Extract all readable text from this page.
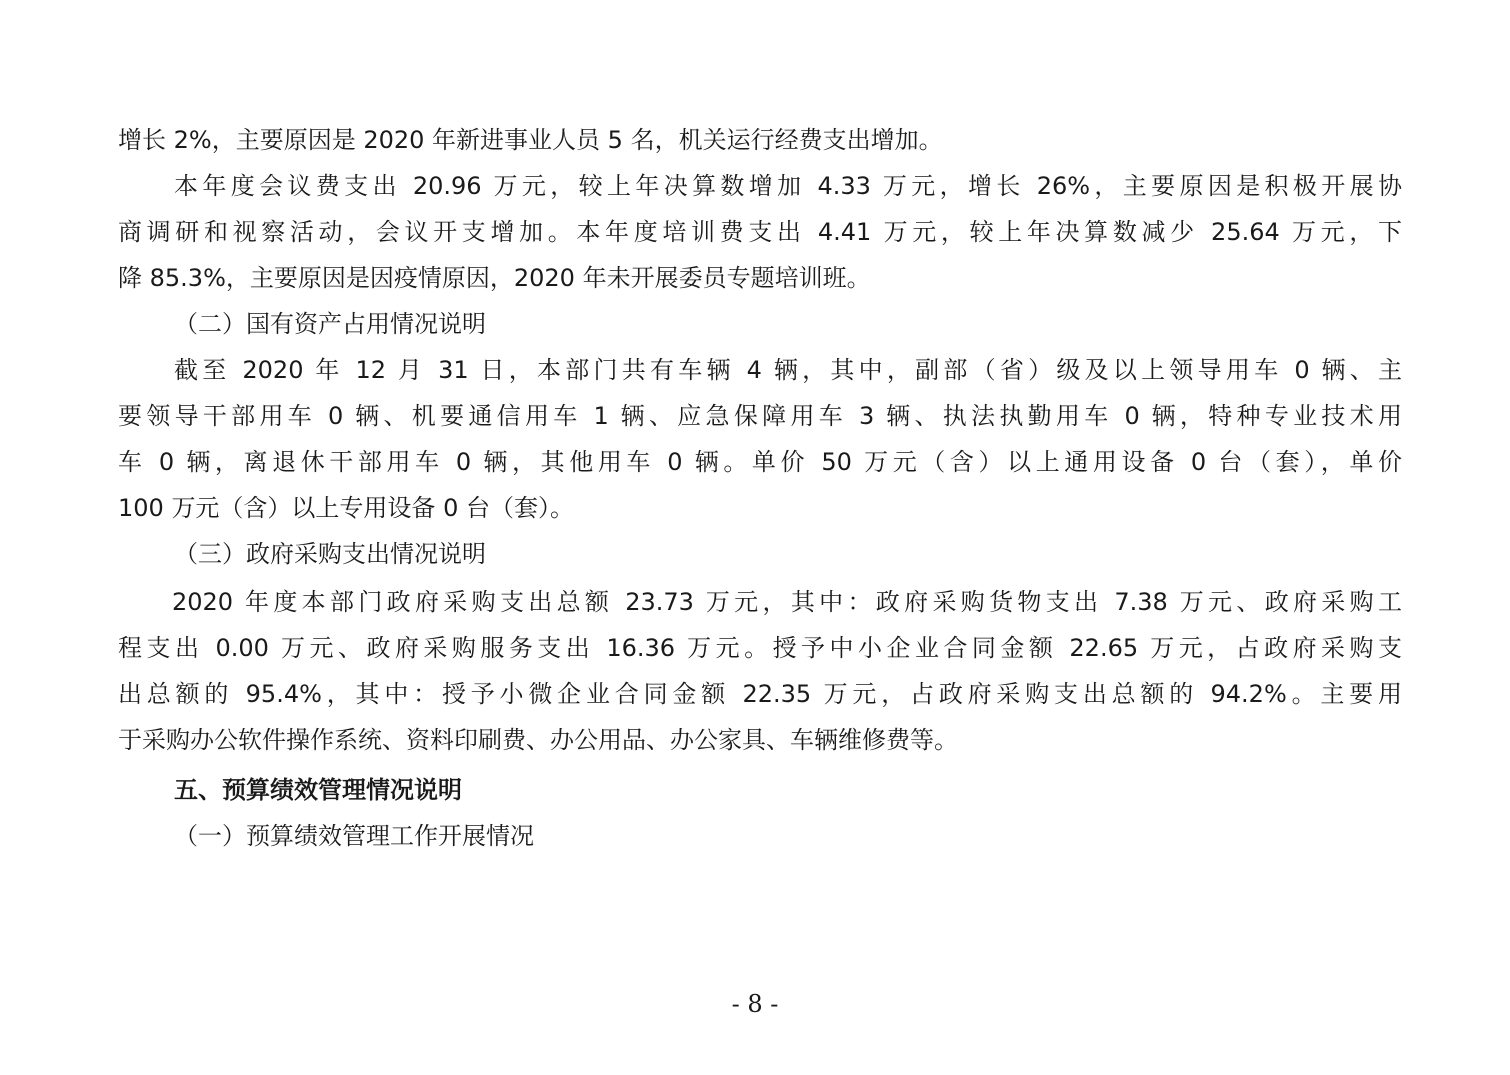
增长 2%，主要原因是 2020 年新进事业人员 5 名，机关运行经费支出增加。
本年度会议费支出 20.96 万元，较上年决算数增加 4.33 万元，增长 26%，主要原因是积极开展协
商调研和视察活动，会议开支增加。本年度培训费支出 4.41 万元，较上年决算数减少 25.64 万元，下
降 85.3%，主要原因是因疫情原因，2020 年未开展委员专题培训班。
（二）国有资产占用情况说明
截至 2020 年 12 月 31 日，本部门共有车辆 4 辆，其中，副部（省）级及以上领导用车 0 辆、主
要领导干部用车 0 辆、机要通信用车 1 辆、应急保障用车 3 辆、执法执勤用车 0 辆，特种专业技术用
车 0 辆，离退休干部用车 0 辆，其他用车 0 辆。单价 50 万元（含）以上通用设备 0 台（套），单价
100 万元（含）以上专用设备 0 台（套）。
（三）政府采购支出情况说明
2020 年度本部门政府采购支出总额 23.73 万元，其中：政府采购货物支出 7.38 万元、政府采购工
程支出 0.00 万元、政府采购服务支出 16.36 万元。授予中小企业合同金额 22.65 万元，占政府采购支
出总额的 95.4%，其中：授予小微企业合同金额 22.35 万元，占政府采购支出总额的 94.2%。主要用
于采购办公软件操作系统、资料印刷费、办公用品、办公家具、车辆维修费等。
五、预算绩效管理情况说明
（一）预算绩效管理工作开展情况
- 8 -
